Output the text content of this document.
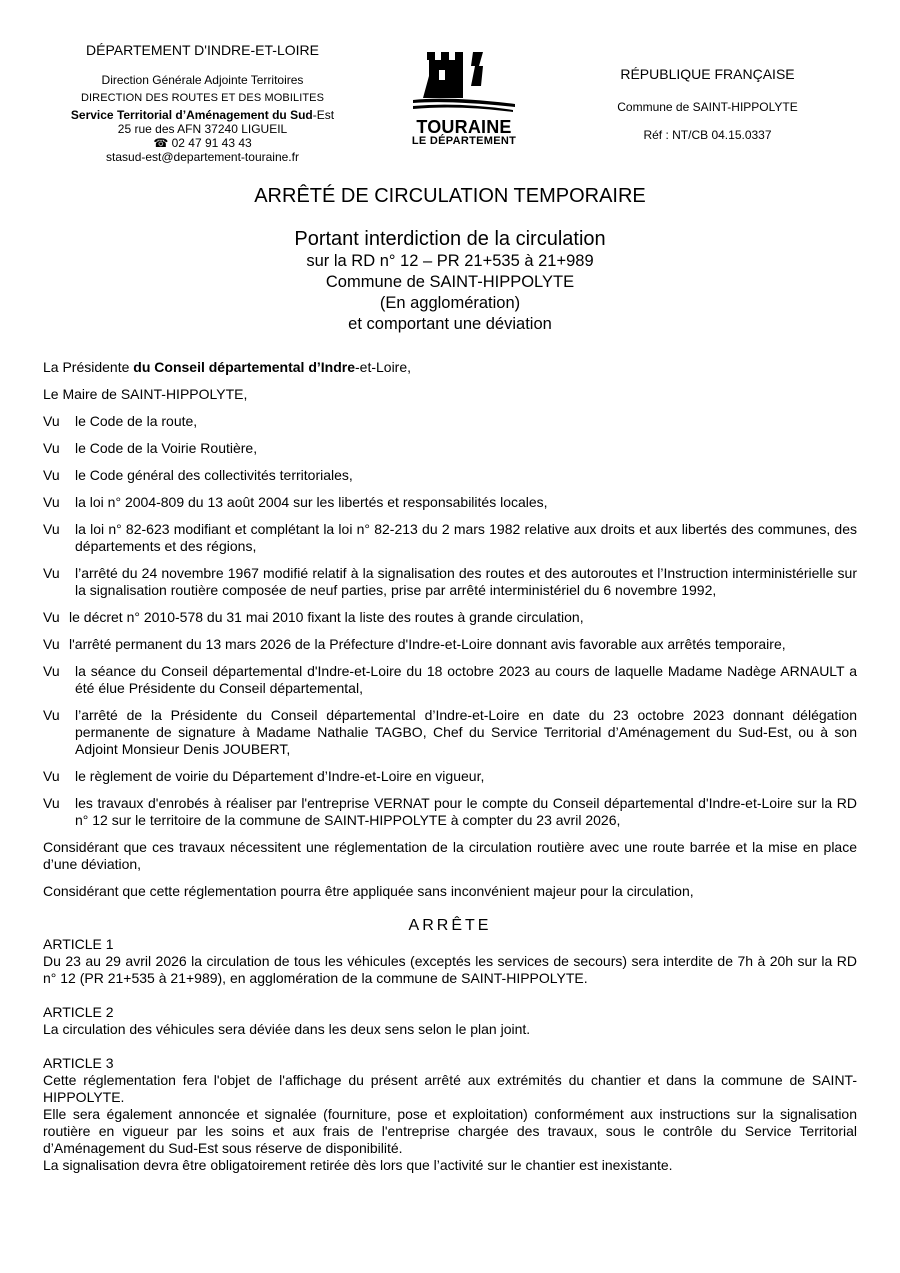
DÉPARTEMENT D'INDRE-ET-LOIRE
Direction Générale Adjointe Territoires
DIRECTION DES ROUTES ET DES MOBILITES
Service Territorial d’Aménagement du Sud-Est
25 rue des AFN 37240 LIGUEIL
☎ 02 47 91 43 43
stasud-est@departement-touraine.fr
TOURAINE
LE DÉPARTEMENT
RÉPUBLIQUE FRANÇAISE
Commune de SAINT-HIPPOLYTE
Réf : NT/CB 04.15.0337
ARRÊTÉ DE CIRCULATION TEMPORAIRE
Portant interdiction de la circulation
sur la RD n° 12 – PR 21+535 à 21+989
Commune de SAINT-HIPPOLYTE
(En agglomération)
et comportant une déviation

La Présidente du Conseil départemental d’Indre-et-Loire,

Le Maire de SAINT-HIPPOLYTE,

Vu	le Code de la route,
Vu	le Code de la Voirie Routière,
Vu	le Code général des collectivités territoriales,
Vu	la loi n° 2004-809 du 13 août 2004 sur les libertés et responsabilités locales,
Vu	la loi n° 82-623 modifiant et complétant la loi n° 82-213 du 2 mars 1982 relative aux droits et aux libertés des communes, des départements et des régions,
Vu	l’arrêté du 24 novembre 1967 modifié relatif à la signalisation des routes et des autoroutes et l’Instruction interministérielle sur la signalisation routière composée de neuf parties, prise par arrêté interministériel du 6 novembre 1992,
Vu le décret n° 2010-578 du 31 mai 2010 fixant la liste des routes à grande circulation,
Vu l'arrêté permanent du 13 mars 2026 de la Préfecture d'Indre-et-Loire donnant avis favorable aux arrêtés temporaire,
Vu	la séance du Conseil départemental d'Indre-et-Loire du 18 octobre 2023 au cours de laquelle Madame Nadège ARNAULT a été élue Présidente du Conseil départemental,
Vu	l’arrêté de la Présidente du Conseil départemental d’Indre-et-Loire en date du 23 octobre 2023 donnant délégation permanente de signature à Madame Nathalie TAGBO, Chef du Service Territorial d’Aménagement du Sud-Est, ou à son Adjoint Monsieur Denis JOUBERT,
Vu	le règlement de voirie du Département d’Indre-et-Loire en vigueur,
Vu	les travaux d'enrobés à réaliser par l'entreprise VERNAT pour le compte du Conseil départemental d'Indre-et-Loire sur la RD n° 12 sur le territoire de la commune de SAINT-HIPPOLYTE à compter du 23 avril 2026,

Considérant que ces travaux nécessitent une réglementation de la circulation routière avec une route barrée et la mise en place d’une déviation,

Considérant que cette réglementation pourra être appliquée sans inconvénient majeur pour la circulation,

ARRÊTE

ARTICLE 1

Du 23 au 29 avril 2026 la circulation de tous les véhicules (exceptés les services de secours) sera interdite de 7h à 20h sur la RD n° 12 (PR 21+535 à 21+989), en agglomération de la commune de SAINT-HIPPOLYTE.

ARTICLE 2

La circulation des véhicules sera déviée dans les deux sens selon le plan joint.

ARTICLE 3

Cette réglementation fera l'objet de l'affichage du présent arrêté aux extrémités du chantier et dans la commune de SAINT-HIPPOLYTE.

Elle sera également annoncée et signalée (fourniture, pose et exploitation) conformément aux instructions sur la signalisation routière en vigueur par les soins et aux frais de l'entreprise chargée des travaux, sous le contrôle du Service Territorial d’Aménagement du Sud-Est sous réserve de disponibilité.

La signalisation devra être obligatoirement retirée dès lors que l’activité sur le chantier est inexistante.
